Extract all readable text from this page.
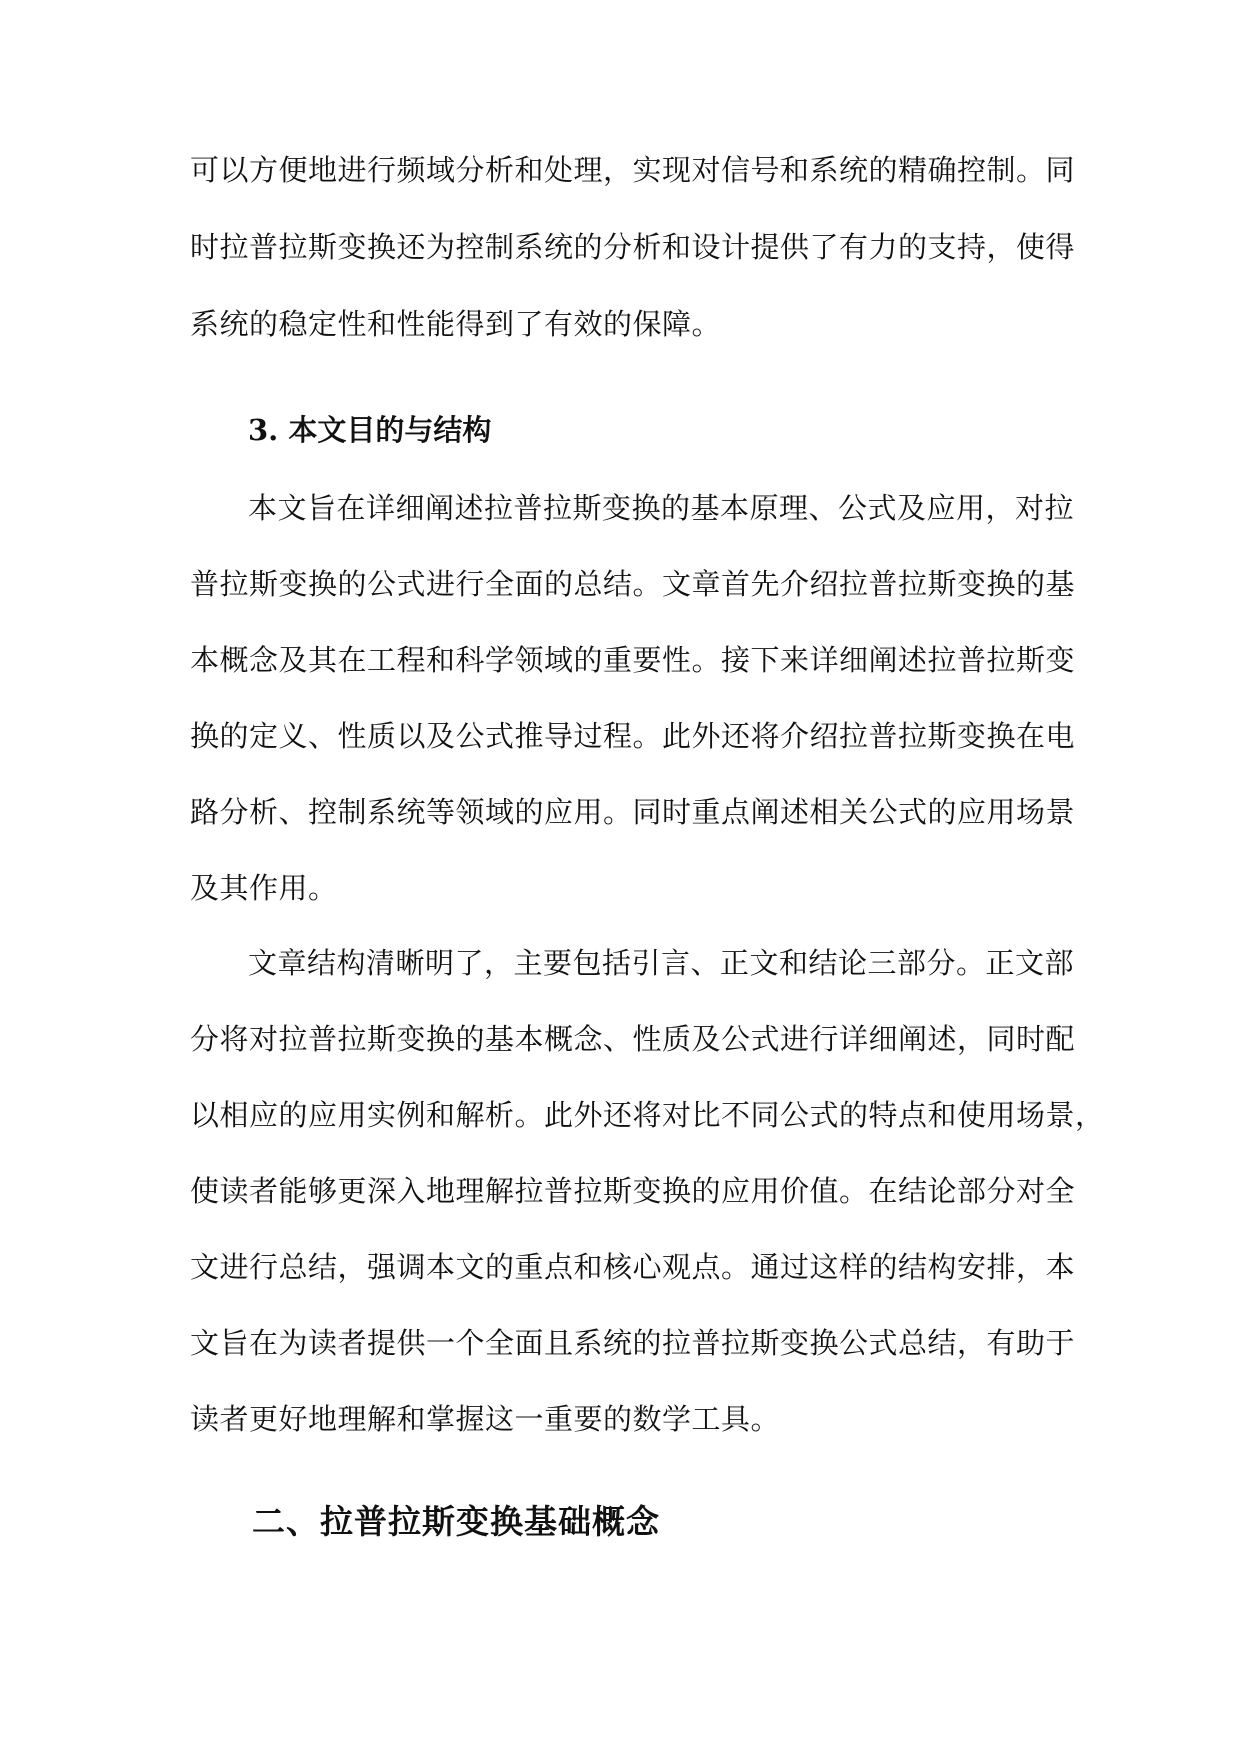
可以方便地进行频域分析和处理，实现对信号和系统的精确控制。同
时拉普拉斯变换还为控制系统的分析和设计提供了有力的支持，使得
系统的稳定性和性能得到了有效的保障。
3. 本文目的与结构
本文旨在详细阐述拉普拉斯变换的基本原理、公式及应用，对拉
普拉斯变换的公式进行全面的总结。文章首先介绍拉普拉斯变换的基
本概念及其在工程和科学领域的重要性。接下来详细阐述拉普拉斯变
换的定义、性质以及公式推导过程。此外还将介绍拉普拉斯变换在电
路分析、控制系统等领域的应用。同时重点阐述相关公式的应用场景
及其作用。
文章结构清晰明了，主要包括引言、正文和结论三部分。正文部
分将对拉普拉斯变换的基本概念、性质及公式进行详细阐述，同时配
以相应的应用实例和解析。此外还将对比不同公式的特点和使用场景，
使读者能够更深入地理解拉普拉斯变换的应用价值。在结论部分对全
文进行总结，强调本文的重点和核心观点。通过这样的结构安排，本
文旨在为读者提供一个全面且系统的拉普拉斯变换公式总结，有助于
读者更好地理解和掌握这一重要的数学工具。
二、拉普拉斯变换基础概念
